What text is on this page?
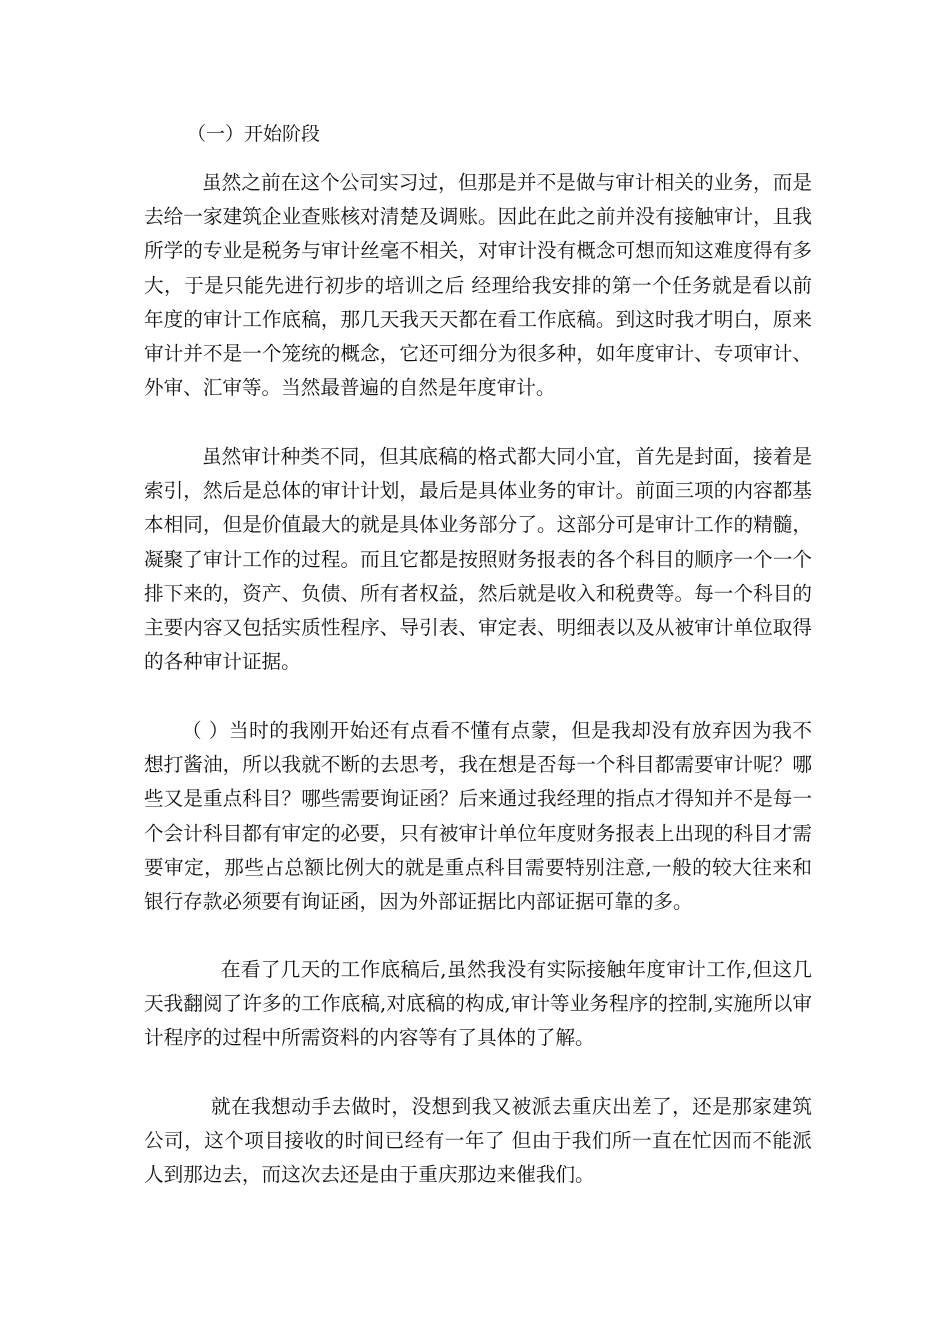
（一）开始阶段

虽然之前在这个公司实习过，但那是并不是做与审计相关的业务，而是去给一家建筑企业查账核对清楚及调账。因此在此之前并没有接触审计，且我所学的专业是税务与审计丝毫不相关，对审计没有概念可想而知这难度得有多大，于是只能先进行初步的培训之后 经理给我安排的第一个任务就是看以前年度的审计工作底稿，那几天我天天都在看工作底稿。到这时我才明白，原来审计并不是一个笼统的概念，它还可细分为很多种，如年度审计、专项审计、外审、汇审等。当然最普遍的自然是年度审计。

虽然审计种类不同，但其底稿的格式都大同小宜，首先是封面，接着是索引，然后是总体的审计计划，最后是具体业务的审计。前面三项的内容都基本相同，但是价值最大的就是具体业务部分了。这部分可是审计工作的精髓，凝聚了审计工作的过程。而且它都是按照财务报表的各个科目的顺序一个一个排下来的，资产、负债、所有者权益，然后就是收入和税费等。每一个科目的主要内容又包括实质性程序、导引表、审定表、明细表以及从被审计单位取得的各种审计证据。

（ ）当时的我刚开始还有点看不懂有点蒙，但是我却没有放弃因为我不想打酱油，所以我就不断的去思考，我在想是否每一个科目都需要审计呢？哪些又是重点科目？哪些需要询证函？后来通过我经理的指点才得知并不是每一个会计科目都有审定的必要，只有被审计单位年度财务报表上出现的科目才需要审定，那些占总额比例大的就是重点科目需要特别注意,一般的较大往来和银行存款必须要有询证函，因为外部证据比内部证据可靠的多。

在看了几天的工作底稿后,虽然我没有实际接触年度审计工作,但这几天我翻阅了许多的工作底稿,对底稿的构成,审计等业务程序的控制,实施所以审计程序的过程中所需资料的内容等有了具体的了解。

就在我想动手去做时，没想到我又被派去重庆出差了，还是那家建筑公司，这个项目接收的时间已经有一年了 但由于我们所一直在忙因而不能派人到那边去，而这次去还是由于重庆那边来催我们。
